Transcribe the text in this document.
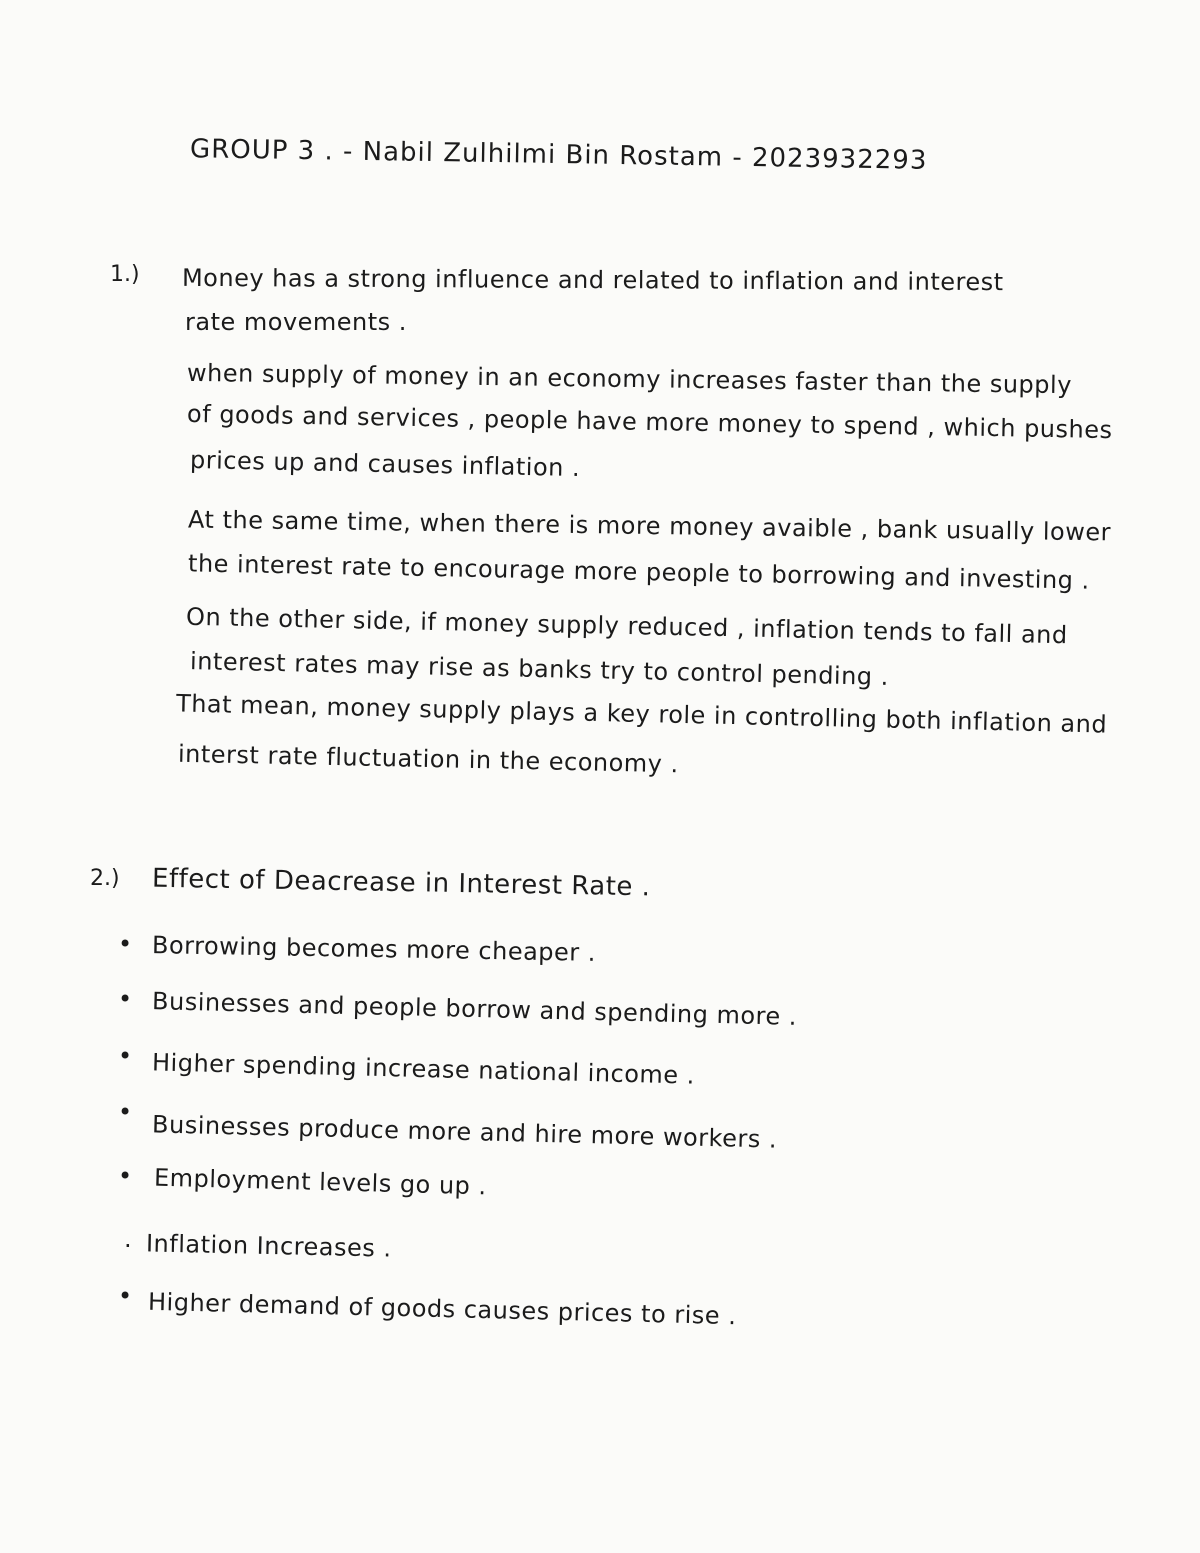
GROUP 3 . - Nabil Zulhilmi Bin Rostam - 2023932293
1.) Money has a strong influence and related to inflation and interest
rate movements .
when supply of money in an economy increases faster than the supply
of goods and services , people have more money to spend , which pushes
prices up and causes inflation .
At the same time, when there is more money avaible , bank usually lower
the interest rate to encourage more people to borrowing and investing .
On the other side, if money supply reduced , inflation tends to fall and
interest rates may rise as banks try to control pending .
That mean, money supply plays a key role in controlling both inflation and
interst rate fluctuation in the economy .
2.) Effect of Deacrease in Interest Rate .
• Borrowing becomes more cheaper .
• Businesses and people borrow and spending more .
• Higher spending increase national income .
• Businesses produce more and hire more workers .
• Employment levels go up .
· Inflation Increases .
• Higher demand of goods causes prices to rise .
